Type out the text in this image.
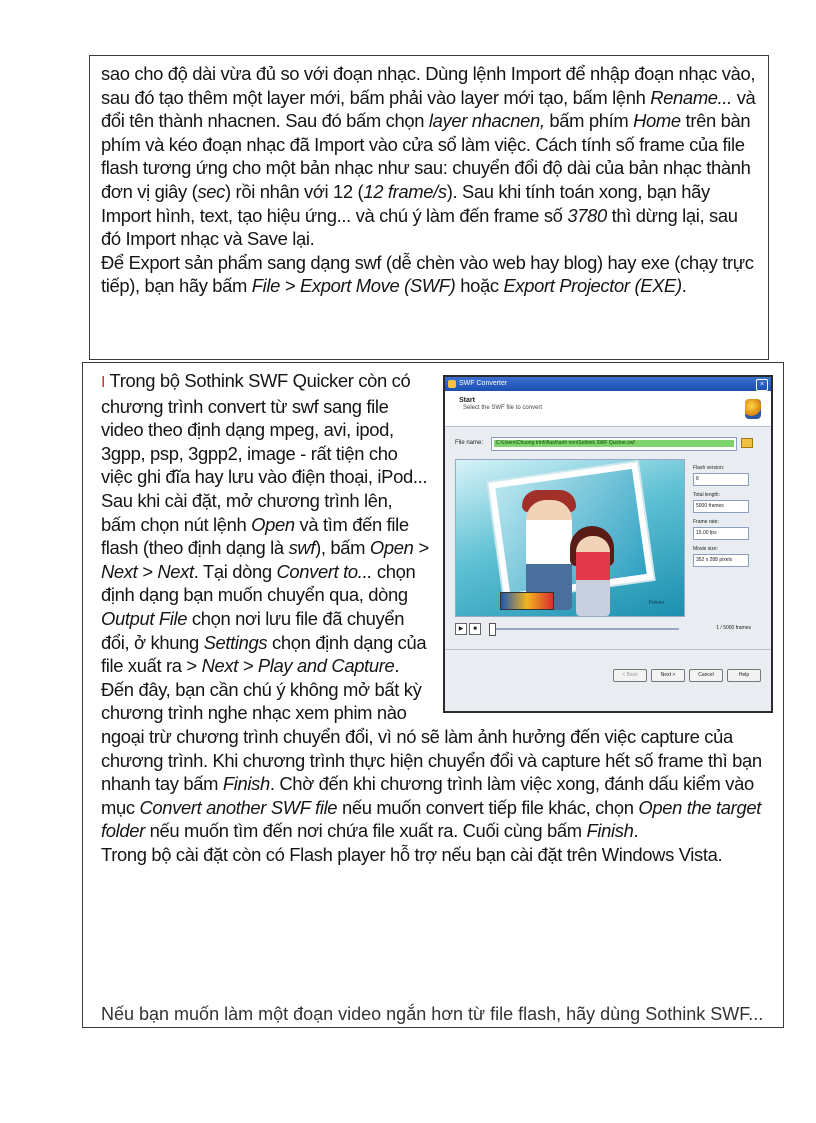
sao cho độ dài vừa đủ so với đoạn nhạc. Dùng lệnh Import để nhập đoạn nhạc vào, sau đó tạo thêm một layer mới, bấm phải vào layer mới tạo, bấm lệnh Rename... và đổi tên thành nhacnen. Sau đó bấm chọn layer nhacnen, bấm phím Home trên bàn phím và kéo đoạn nhạc đã Import vào cửa sổ làm việc. Cách tính số frame của file flash tương ứng cho một bản nhạc như sau: chuyển đổi độ dài của bản nhạc thành đơn vị giây (sec) rồi nhân với 12 (12 frame/s). Sau khi tính toán xong, bạn hãy Import hình, text, tạo hiệu ứng... và chú ý làm đến frame số 3780 thì dừng lại, sau đó Import nhạc và Save lại.
Để Export sản phẩm sang dạng swf (dễ chèn vào web hay blog) hay exe (chạy trực tiếp), bạn hãy bấm File > Export Move (SWF) hoặc Export Projector (EXE).

SWF Converter	×
Start
Select the SWF file to convert
File name:	C:\Users\Chuong trinh\flash\anh nen\Sothink SWF Quicker.swf
Primes
Flash version:
8
Total length:
5000 frames
Frame rate:
15.00 fps
Movie size:
352 x 288 pixels
▶	■	1 / 5000 frames
< Back	Next >	Cancel	Help

I Trong bộ Sothink SWF Quicker còn có chương trình convert từ swf sang file video theo định dạng mpeg, avi, ipod, 3gpp, psp, 3gpp2, image - rất tiện cho việc ghi đĩa hay lưu vào điện thoại, iPod...

Sau khi cài đặt, mở chương trình lên, bấm chọn nút lệnh Open và tìm đến file flash (theo định dạng là swf), bấm Open > Next > Next. Tại dòng Convert to... chọn định dạng bạn muốn chuyển qua, dòng Output File chọn nơi lưu file đã chuyển đổi, ở khung Settings chọn định dạng của file xuất ra > Next > Play and Capture. Đến đây, bạn cần chú ý không mở bất kỳ chương trình nghe nhạc xem phim nào ngoại trừ chương trình chuyển đổi, vì nó sẽ làm ảnh hưởng đến việc capture của chương trình. Khi chương trình thực hiện chuyển đổi và capture hết số frame thì bạn nhanh tay bấm Finish. Chờ đến khi chương trình làm việc xong, đánh dấu kiểm vào mục Convert another SWF file nếu muốn convert tiếp file khác, chọn Open the target folder nếu muốn tìm đến nơi chứa file xuất ra. Cuối cùng bấm Finish.

Trong bộ cài đặt còn có Flash player hỗ trợ nếu bạn cài đặt trên Windows Vista.

Nếu bạn muốn làm một đoạn video ngắn hơn từ file flash, hãy dùng Sothink SWF...
